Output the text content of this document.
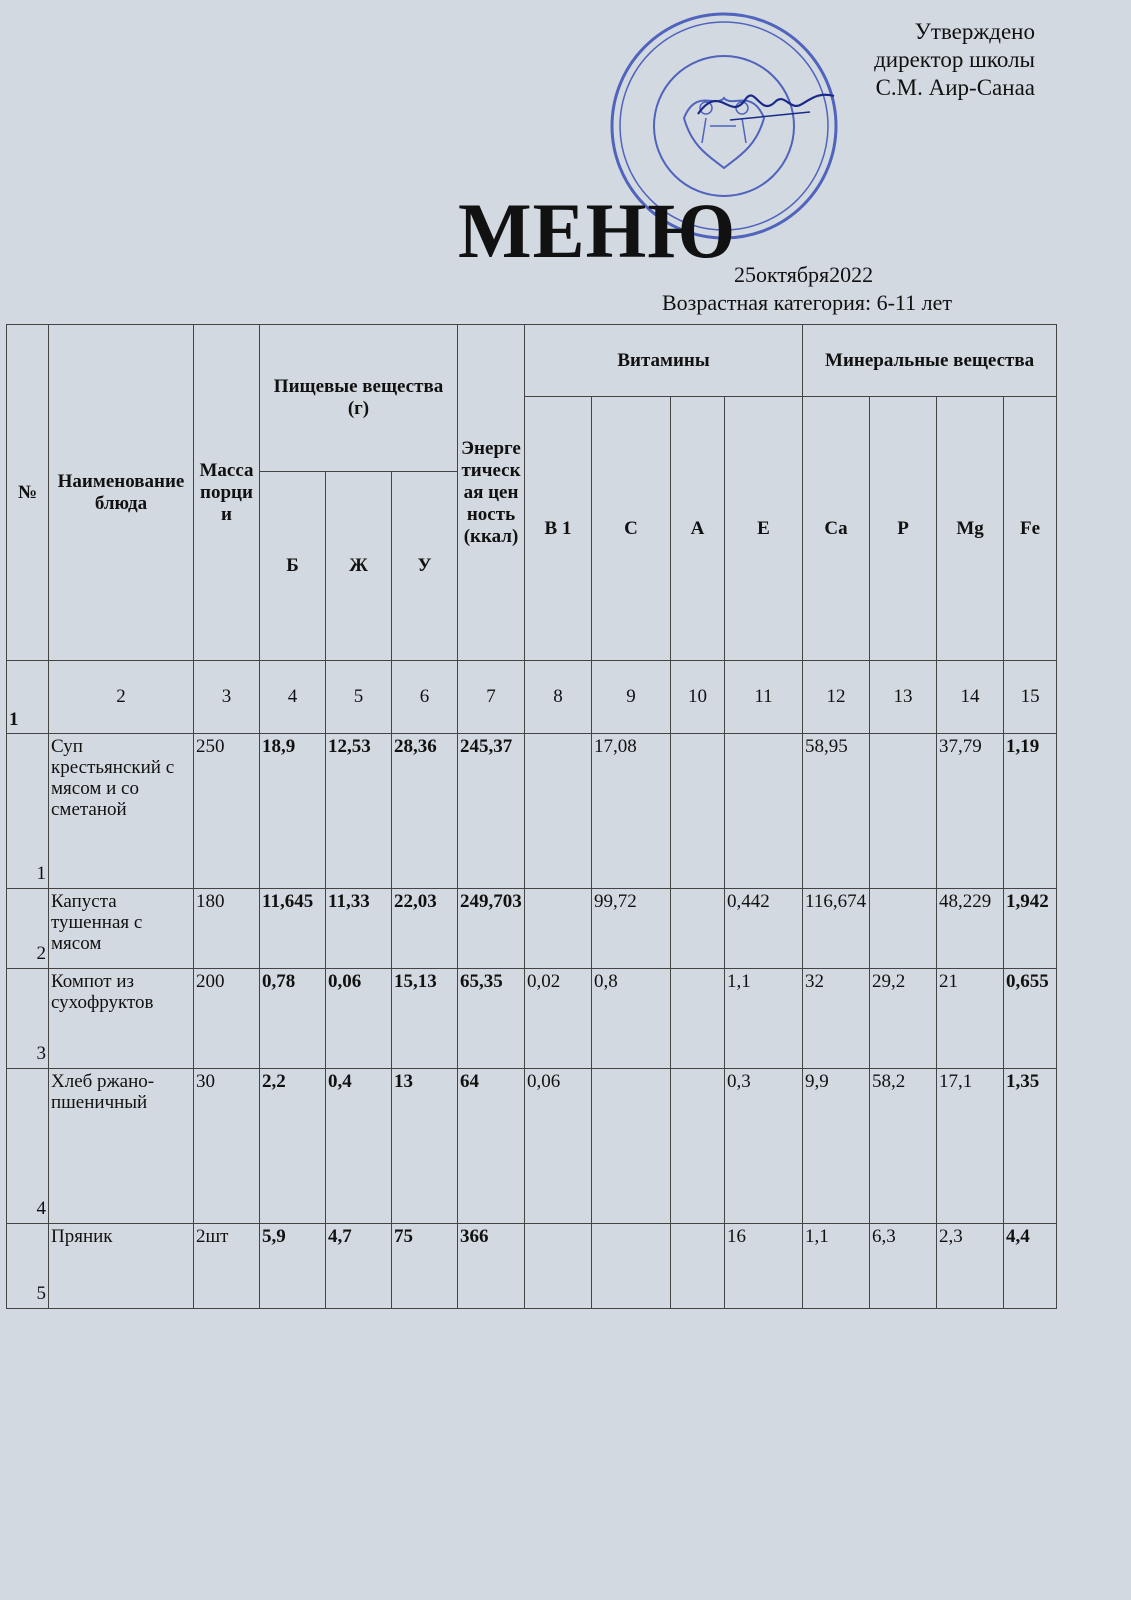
Утверждено
директор школы
С.М. Аир-Санаа
МЕНЮ
25октября2022
Возрастная категория: 6-11 лет
№	Наименование блюда	Масса порции	Пищевые вещества (г)			Энергетическая ценность (ккал)	Витамины				Минеральные вещества			
							В 1	С	А	Е	Са	Р	Mg	Fe
			Б	Ж	У									
1	2	3	4	5	6	7	8	9	10	11	12	13	14	15
1	Суп крестьянский с мясом и со сметаной	250	18,9	12,53	28,36	245,37		17,08			58,95		37,79	1,19
2	Капуста тушенная с мясом	180	11,645	11,33	22,03	249,703		99,72		0,442	116,674		48,229	1,942
3	Компот из сухофруктов	200	0,78	0,06	15,13	65,35	0,02	0,8		1,1	32	29,2	21	0,655
4	Хлеб ржано-пшеничный	30	2,2	0,4	13	64	0,06			0,3	9,9	58,2	17,1	1,35
5	Пряник	2шт	5,9	4,7	75	366				16	1,1	6,3	2,3	4,4
